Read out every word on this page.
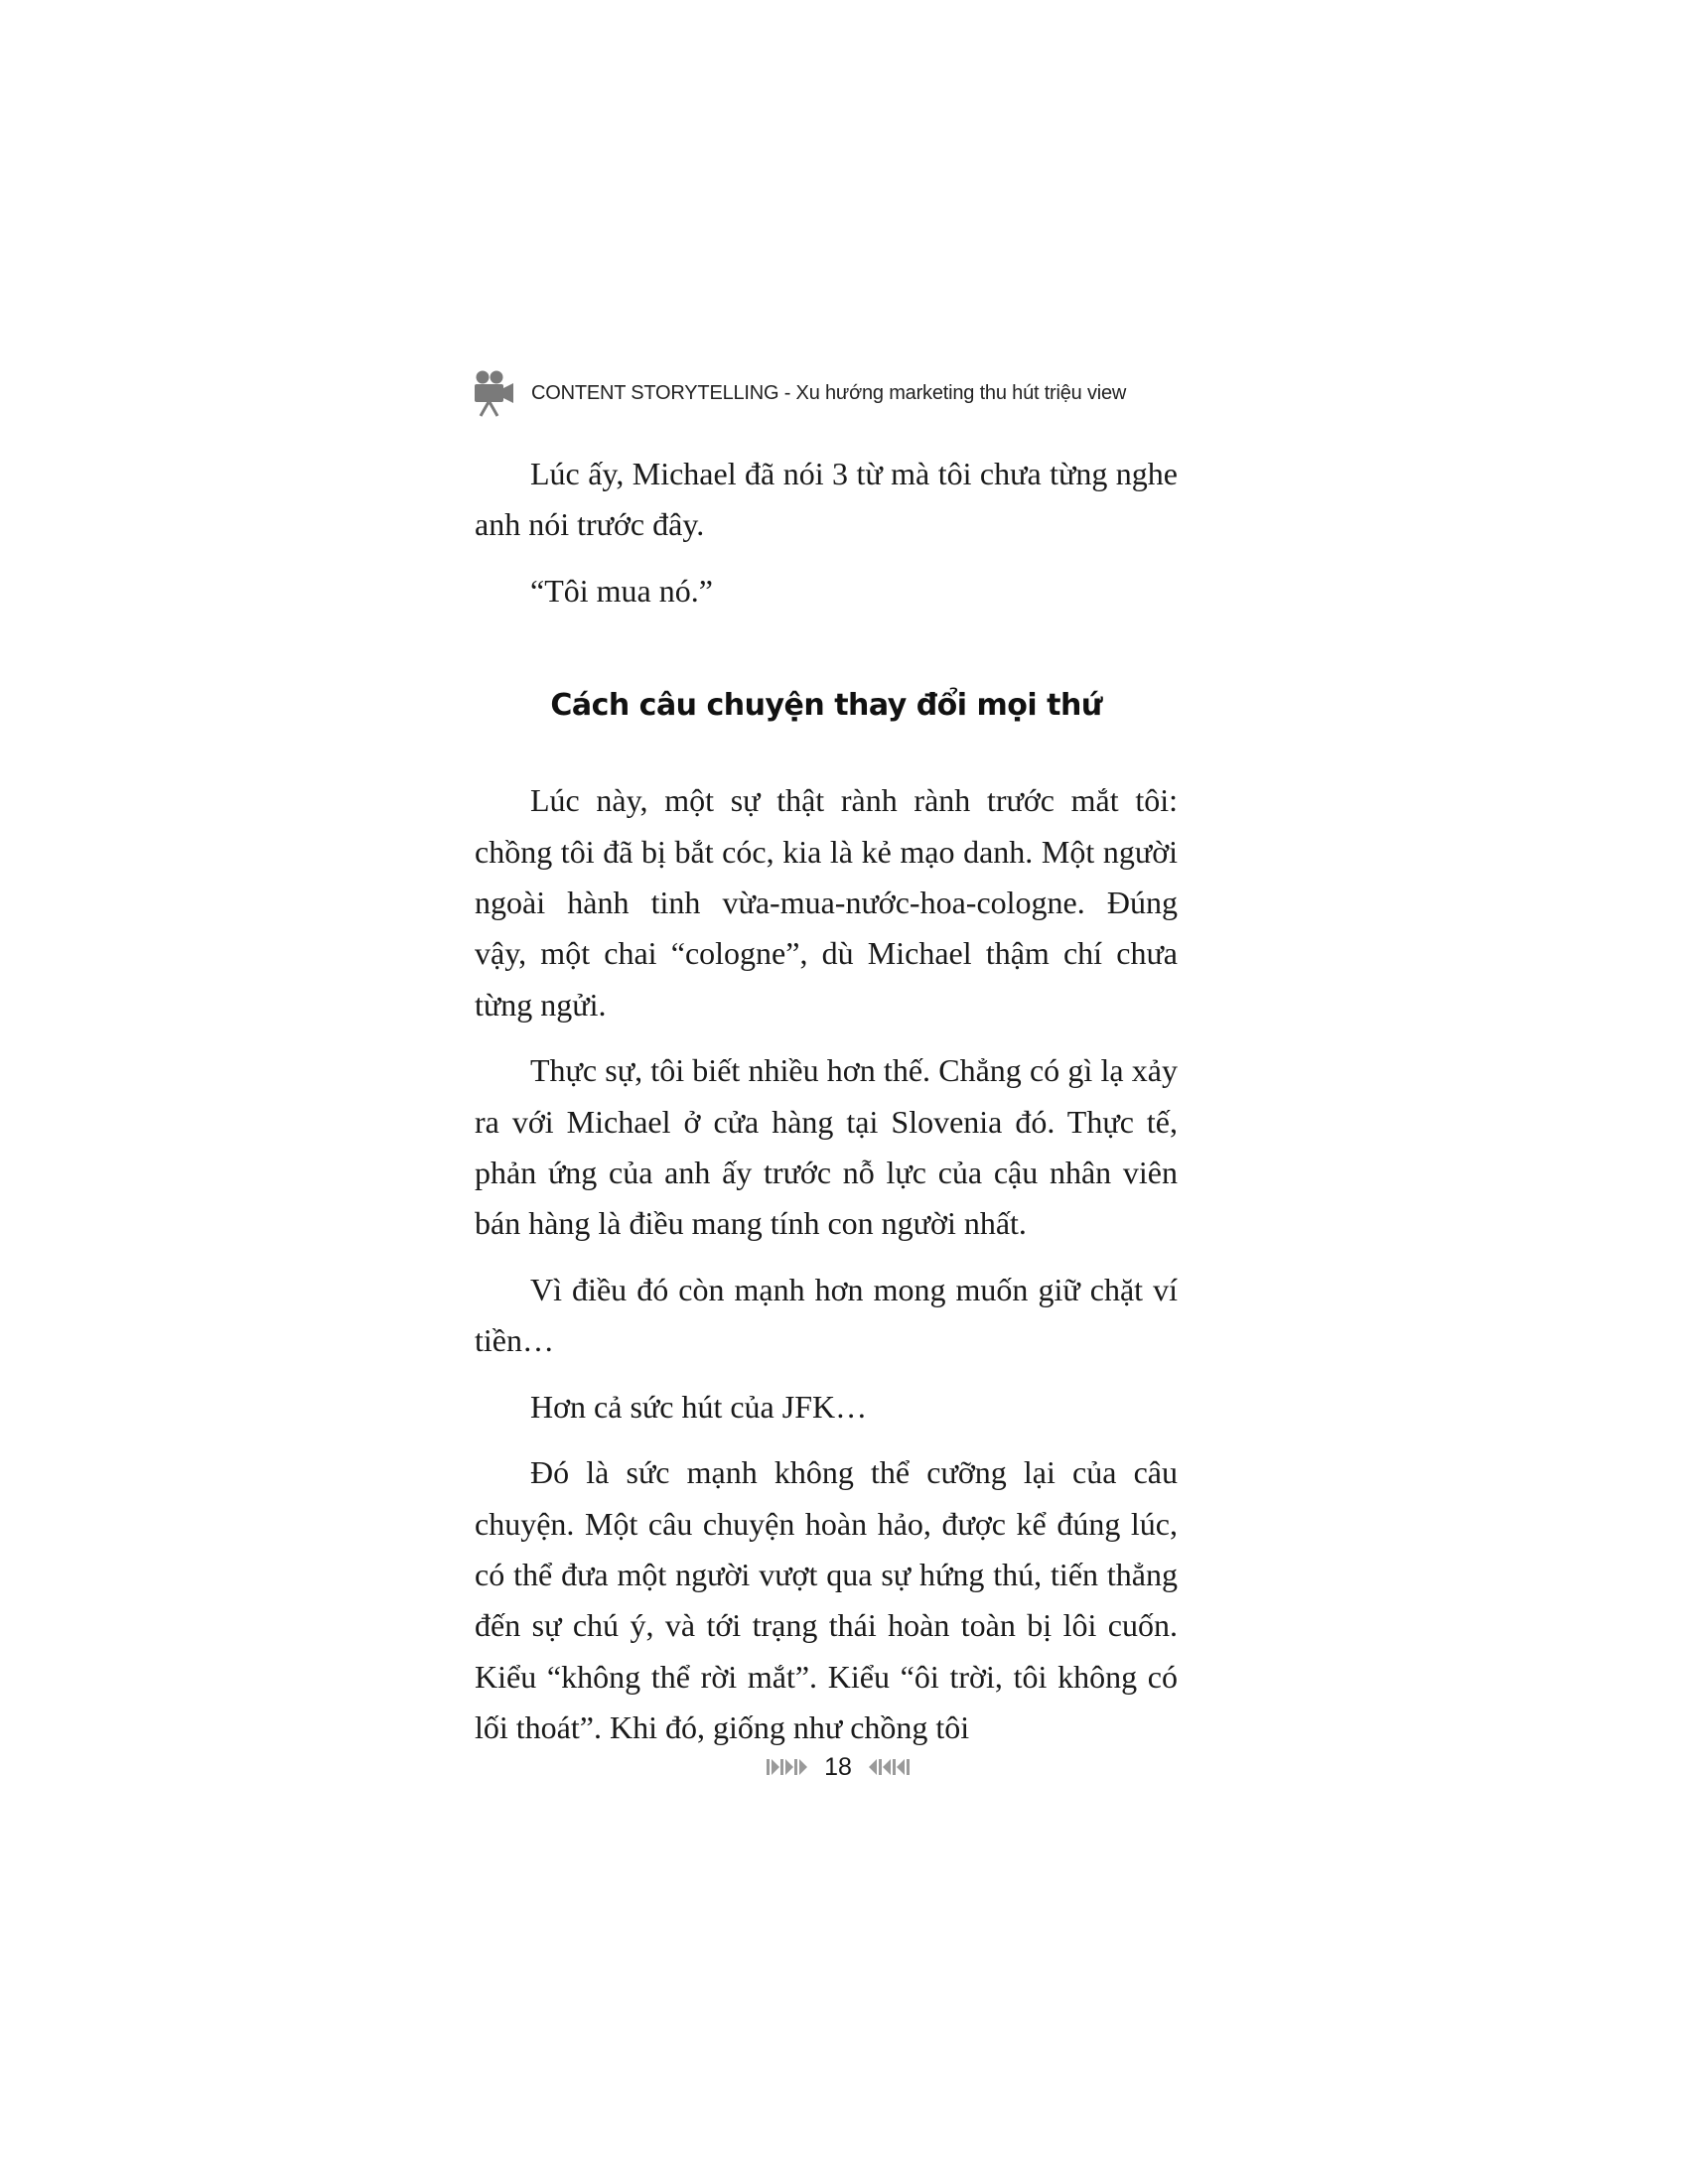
CONTENT STORYTELLING - Xu hướng marketing thu hút triệu view

Lúc ấy, Michael đã nói 3 từ mà tôi chưa từng nghe anh nói trước đây.

“Tôi mua nó.”

Cách câu chuyện thay đổi mọi thứ

Lúc này, một sự thật rành rành trước mắt tôi: chồng tôi đã bị bắt cóc, kia là kẻ mạo danh. Một người ngoài hành tinh vừa-mua-nước-hoa-cologne. Đúng vậy, một chai “cologne”, dù Michael thậm chí chưa từng ngửi.

Thực sự, tôi biết nhiều hơn thế. Chẳng có gì lạ xảy ra với Michael ở cửa hàng tại Slovenia đó. Thực tế, phản ứng của anh ấy trước nỗ lực của cậu nhân viên bán hàng là điều mang tính con người nhất.

Vì điều đó còn mạnh hơn mong muốn giữ chặt ví tiền…

Hơn cả sức hút của JFK…

Đó là sức mạnh không thể cưỡng lại của câu chuyện. Một câu chuyện hoàn hảo, được kể đúng lúc, có thể đưa một người vượt qua sự hứng thú, tiến thẳng đến sự chú ý, và tới trạng thái hoàn toàn bị lôi cuốn. Kiểu “không thể rời mắt”. Kiểu “ôi trời, tôi không có lối thoát”. Khi đó, giống như chồng tôi

18
